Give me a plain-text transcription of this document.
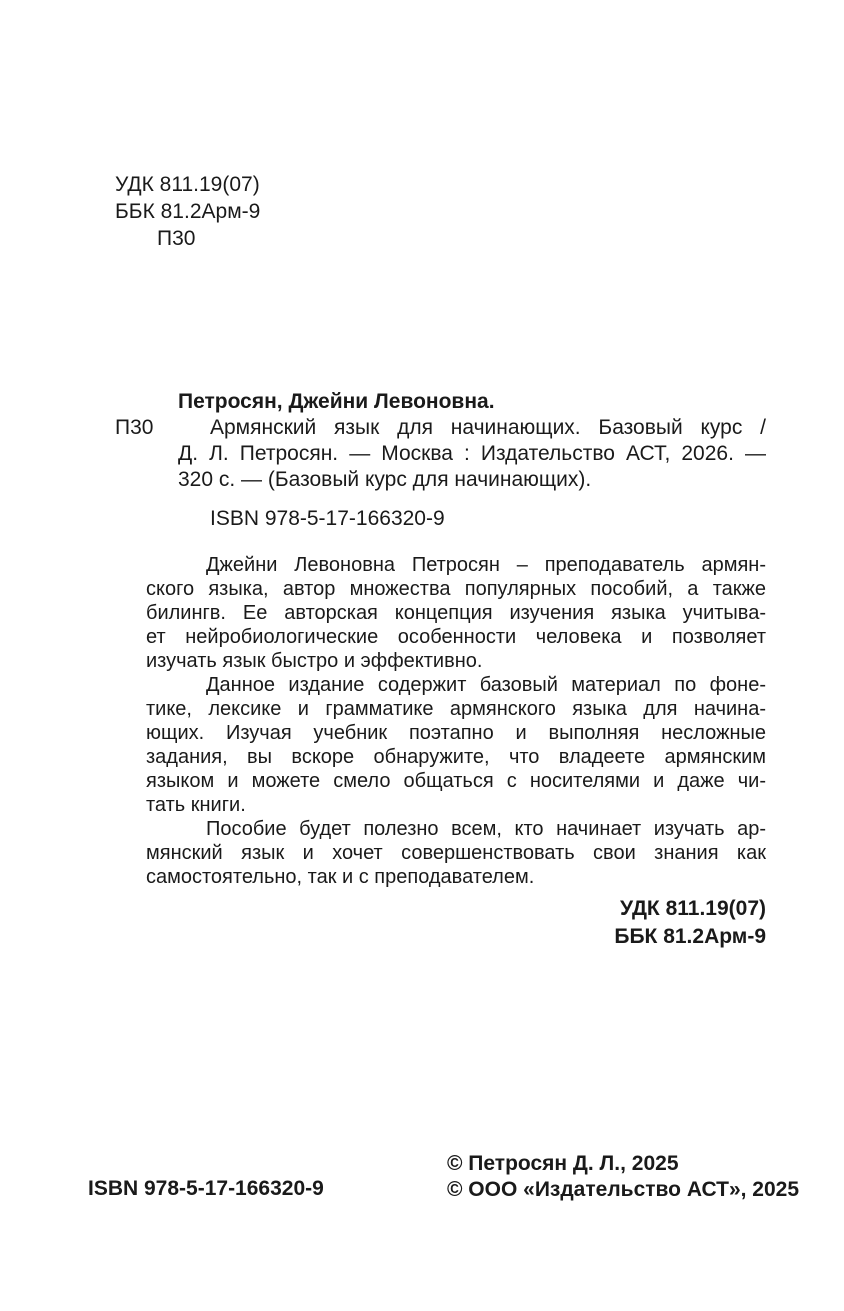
УДК 811.19(07)
ББК 81.2Арм-9
П30
Петросян, Джейни Левоновна.
П30	Армянский язык для начинающих. Базовый курс /
Д. Л. Петросян. — Москва : Издательство АСТ, 2026. —
320 с. — (Базовый курс для начинающих).
ISBN 978-5-17-166320-9
Джейни Левоновна Петросян – преподаватель армян-
ского языка, автор множества популярных пособий, а также
билингв. Ее авторская концепция изучения языка учитыва-
ет нейробиологические особенности человека и позволяет
изучать язык быстро и эффективно.
Данное издание содержит базовый материал по фоне-
тике, лексике и грамматике армянского языка для начина-
ющих. Изучая учебник поэтапно и выполняя несложные
задания, вы вскоре обнаружите, что владеете армянским
языком и можете смело общаться с носителями и даже чи-
тать книги.
Пособие будет полезно всем, кто начинает изучать ар-
мянский язык и хочет совершенствовать свои знания как
самостоятельно, так и с преподавателем.
УДК 811.19(07)
ББК 81.2Арм-9
ISBN 978-5-17-166320-9
© Петросян Д. Л., 2025
© ООО «Издательство АСТ», 2025
